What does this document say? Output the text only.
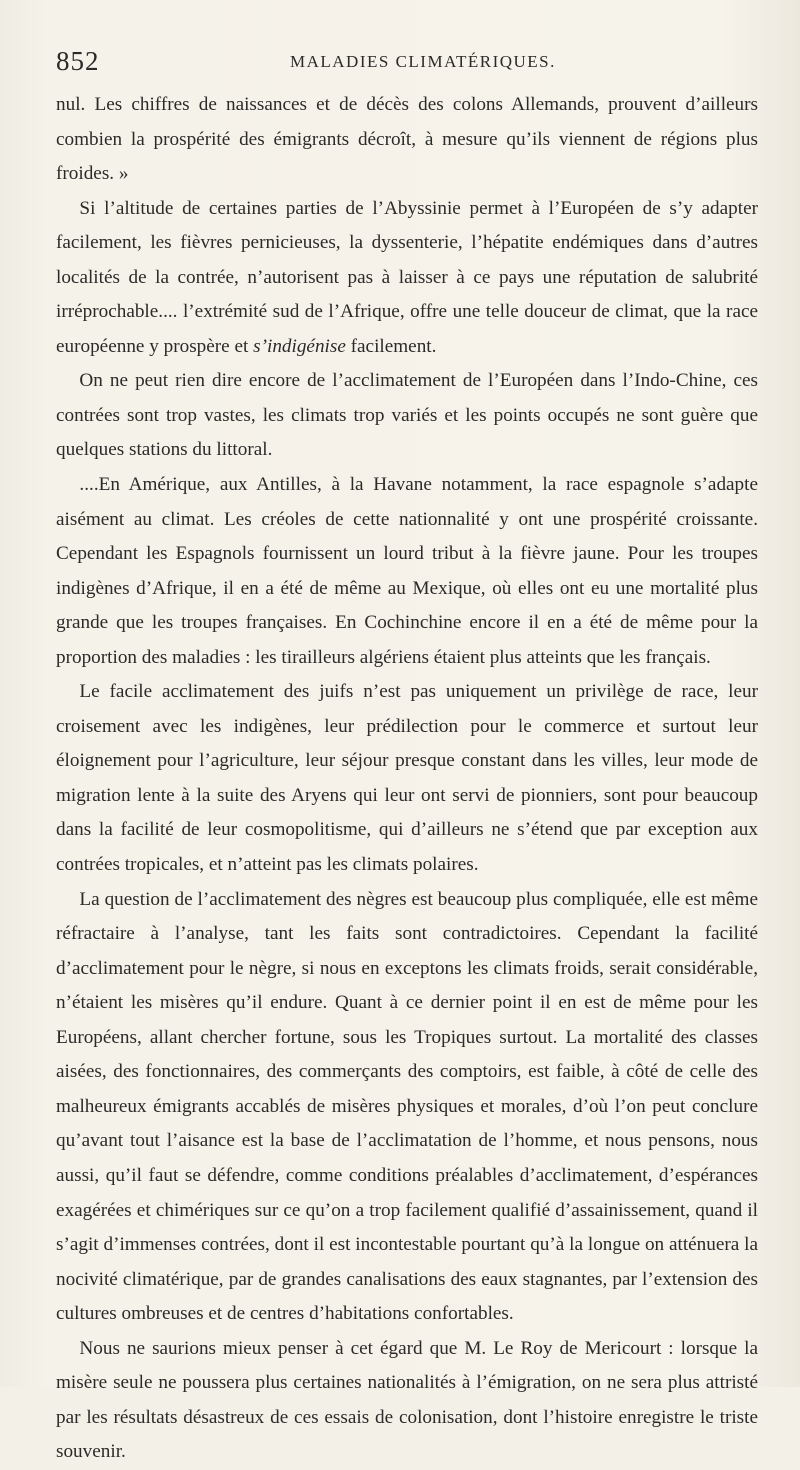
852	MALADIES CLIMATÉRIQUES.

nul. Les chiffres de naissances et de décès des colons Allemands, prouvent d’ailleurs combien la prospérité des émigrants décroît, à mesure qu’ils viennent de régions plus froides. »

Si l’altitude de certaines parties de l’Abyssinie permet à l’Européen de s’y adapter facilement, les fièvres pernicieuses, la dyssenterie, l’hépatite endémiques dans d’autres localités de la contrée, n’autorisent pas à laisser à ce pays une réputation de salubrité irréprochable.... l’extrémité sud de l’Afrique, offre une telle douceur de climat, que la race européenne y prospère et s’indigénise facilement.

On ne peut rien dire encore de l’acclimatement de l’Européen dans l’Indo-Chine, ces contrées sont trop vastes, les climats trop variés et les points occupés ne sont guère que quelques stations du littoral.

....En Amérique, aux Antilles, à la Havane notamment, la race espagnole s’adapte aisément au climat. Les créoles de cette nationnalité y ont une prospérité croissante. Cependant les Espagnols fournissent un lourd tribut à la fièvre jaune. Pour les troupes indigènes d’Afrique, il en a été de même au Mexique, où elles ont eu une mortalité plus grande que les troupes françaises. En Cochinchine encore il en a été de même pour la proportion des maladies : les tirailleurs algériens étaient plus atteints que les français.

Le facile acclimatement des juifs n’est pas uniquement un privilège de race, leur croisement avec les indigènes, leur prédilection pour le commerce et surtout leur éloignement pour l’agriculture, leur séjour presque constant dans les villes, leur mode de migration lente à la suite des Aryens qui leur ont servi de pionniers, sont pour beaucoup dans la facilité de leur cosmopolitisme, qui d’ailleurs ne s’étend que par exception aux contrées tropicales, et n’atteint pas les climats polaires.

La question de l’acclimatement des nègres est beaucoup plus compliquée, elle est même réfractaire à l’analyse, tant les faits sont contradictoires. Cependant la facilité d’acclimatement pour le nègre, si nous en exceptons les climats froids, serait considérable, n’étaient les misères qu’il endure. Quant à ce dernier point il en est de même pour les Européens, allant chercher fortune, sous les Tropiques surtout. La mortalité des classes aisées, des fonctionnaires, des commerçants des comptoirs, est faible, à côté de celle des malheureux émigrants accablés de misères physiques et morales, d’où l’on peut conclure qu’avant tout l’aisance est la base de l’acclimatation de l’homme, et nous pensons, nous aussi, qu’il faut se défendre, comme conditions préalables d’acclimatement, d’espérances exagérées et chimériques sur ce qu’on a trop facilement qualifié d’assainissement, quand il s’agit d’immenses contrées, dont il est incontestable pourtant qu’à la longue on atténuera la nocivité climatérique, par de grandes canalisations des eaux stagnantes, par l’extension des cultures ombreuses et de centres d’habitations confortables.

Nous ne saurions mieux penser à cet égard que M. Le Roy de Mericourt : lorsque la misère seule ne poussera plus certaines nationalités à l’émigration, on ne sera plus attristé par les résultats désastreux de ces essais de colonisation, dont l’histoire enregistre le triste souvenir.
